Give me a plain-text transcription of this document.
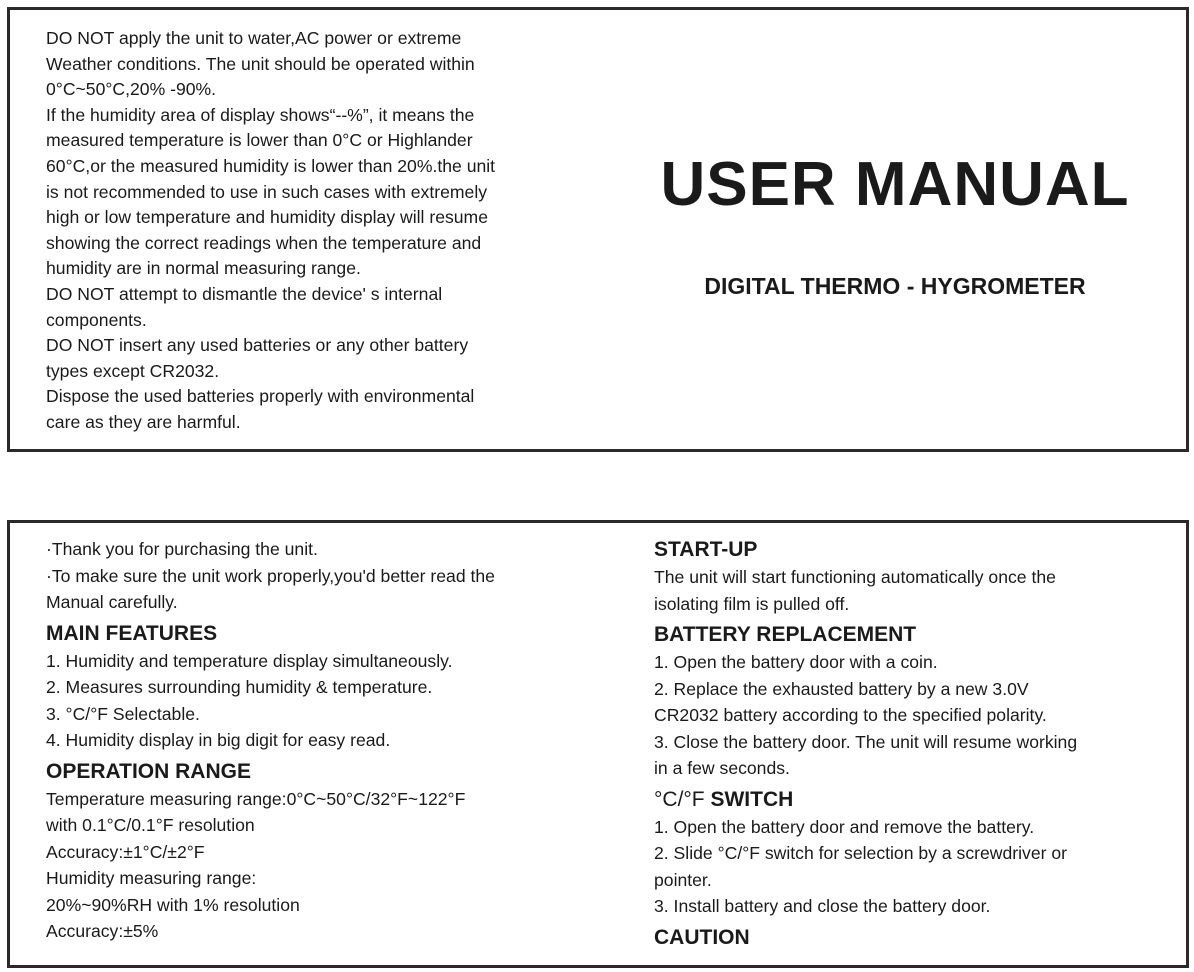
DO NOT apply the unit to water,AC power or extreme

Weather conditions. The unit should be operated within

0°C~50°C,20% -90%.

If the humidity area of display shows“--%”, it means the

measured temperature is lower than 0°C or Highlander

60°C,or the measured humidity is lower than 20%.the unit

is not recommended to use in such cases with extremely

high or low temperature and humidity display will resume

showing the correct readings when the temperature and

humidity are in normal measuring range.

DO NOT attempt to dismantle the device' s internal

components.

DO NOT insert any used batteries or any other battery

types except CR2032.

Dispose the used batteries properly with environmental

care as they are harmful.

USER MANUAL
DIGITAL THERMO - HYGROMETER

·Thank you for purchasing the unit.

·To make sure the unit work properly,you'd better read the

Manual carefully.

MAIN FEATURES

1. Humidity and temperature display simultaneously.

2. Measures surrounding humidity & temperature.

3. °C/°F Selectable.

4. Humidity display in big digit for easy read.

OPERATION RANGE

Temperature measuring range:0°C~50°C/32°F~122°F

with 0.1°C/0.1°F resolution

Accuracy:±1°C/±2°F

Humidity measuring range:

20%~90%RH with 1% resolution

Accuracy:±5%

START-UP

The unit will start functioning automatically once the

isolating film is pulled off.

BATTERY REPLACEMENT

1. Open the battery door with a coin.

2. Replace the exhausted battery by a new 3.0V

CR2032 battery according to the specified polarity.

3. Close the battery door. The unit will resume working

in a few seconds.

°C/°F SWITCH

1. Open the battery door and remove the battery.

2. Slide °C/°F switch for selection by a screwdriver or

pointer.

3. Install battery and close the battery door.

CAUTION
